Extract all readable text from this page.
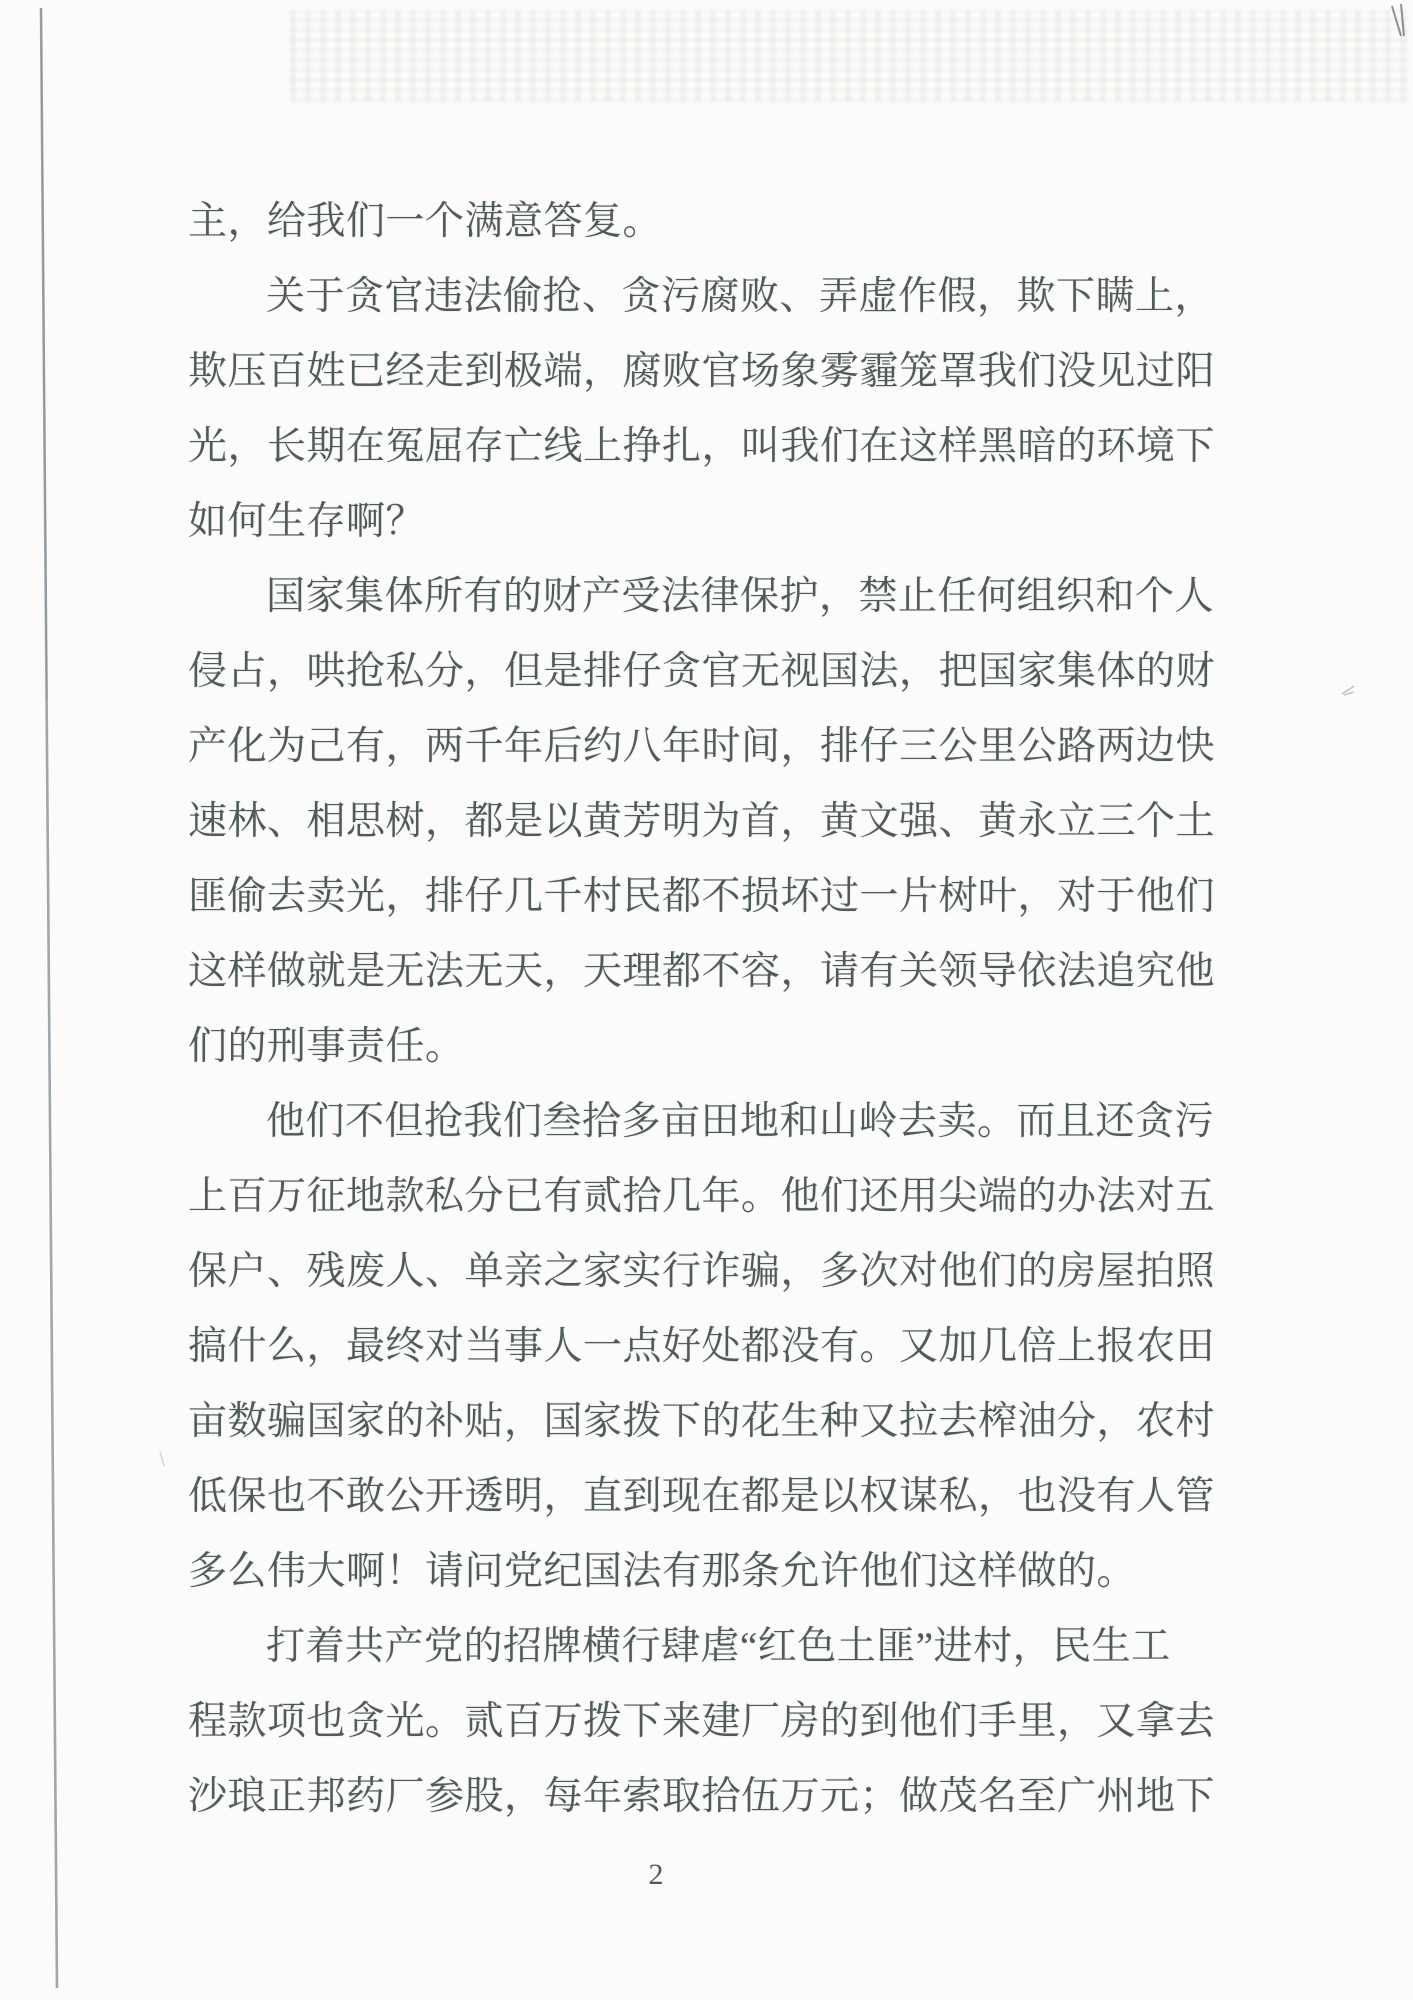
主，给我们一个满意答复。
关于贪官违法偷抢、贪污腐败、弄虚作假，欺下瞒上，
欺压百姓已经走到极端，腐败官场象雾霾笼罩我们没见过阳
光，长期在冤屈存亡线上挣扎，叫我们在这样黑暗的环境下
如何生存啊？
国家集体所有的财产受法律保护，禁止任何组织和个人
侵占，哄抢私分，但是排仔贪官无视国法，把国家集体的财
产化为己有，两千年后约八年时间，排仔三公里公路两边快
速林、相思树，都是以黄芳明为首，黄文强、黄永立三个土
匪偷去卖光，排仔几千村民都不损坏过一片树叶，对于他们
这样做就是无法无天，天理都不容，请有关领导依法追究他
们的刑事责任。
他们不但抢我们叁拾多亩田地和山岭去卖。而且还贪污
上百万征地款私分已有贰拾几年。他们还用尖端的办法对五
保户、残废人、单亲之家实行诈骗，多次对他们的房屋拍照
搞什么，最终对当事人一点好处都没有。又加几倍上报农田
亩数骗国家的补贴，国家拨下的花生种又拉去榨油分，农村
低保也不敢公开透明，直到现在都是以权谋私，也没有人管
多么伟大啊！请问党纪国法有那条允许他们这样做的。
打着共产党的招牌横行肆虐“红色土匪”进村，民生工
程款项也贪光。贰百万拨下来建厂房的到他们手里，又拿去
沙琅正邦药厂参股，每年索取拾伍万元；做茂名至广州地下
2
